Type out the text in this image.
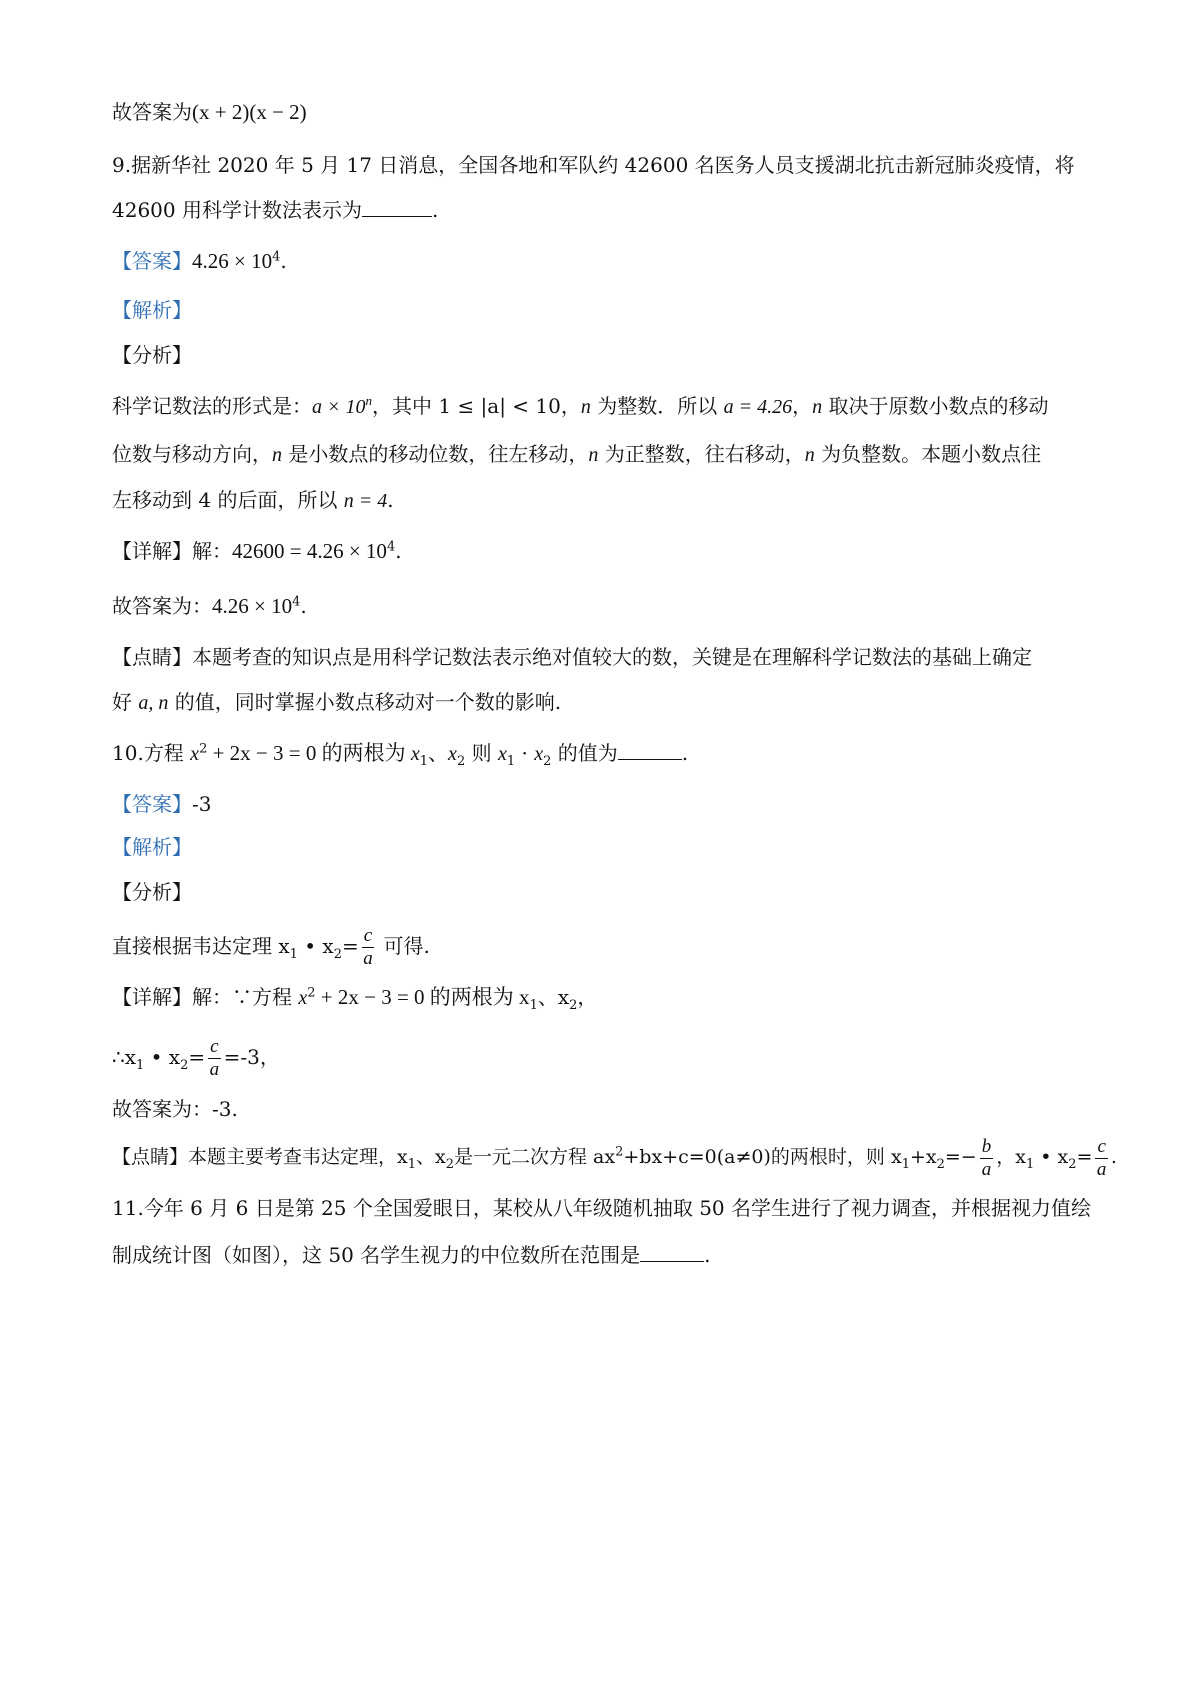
故答案为(x + 2)(x − 2)
9.据新华社 2020 年 5 月 17 日消息，全国各地和军队约 42600 名医务人员支援湖北抗击新冠肺炎疫情，将
42600 用科学计数法表示为	.
【答案】$4.26 \times 10^4$.
【解析】
【分析】
科学记数法的形式是：$a \times 10^n$，其中 1 ≤ |a| < 10，n 为整数．所以 a = 4.26，n 取决于原数小数点的移动
位数与移动方向，n 是小数点的移动位数，往左移动，n 为正整数，往右移动，n 为负整数。本题小数点往
左移动到 4 的后面，所以 n = 4.
【详解】解：$42600 = 4.26 \times 10^4$.
故答案为：$4.26 \times 10^4$.
【点睛】本题考查的知识点是用科学记数法表示绝对值较大的数，关键是在理解科学记数法的基础上确定
好 a, n 的值，同时掌握小数点移动对一个数的影响.
10.方程 $x^2 + 2x - 3 = 0$ 的两根为 $x_1$、$x_2$ 则 $x_1 \cdot x_2$ 的值为	.
【答案】-3
【解析】
【分析】
直接根据韦达定理 $x_1$ • $x_2= \frac{c}{a}$ 可得.
【详解】解：∵方程 $x^2 + 2x - 3 = 0$ 的两根为 $x_1$、$x_2$，
$\therefore x_1$ • $x_2= \frac{c}{a} =-3$，
故答案为：-3.
【点睛】本题主要考查韦达定理，$x_1$、$x_2$是一元二次方程 $ax^2+bx+c=0(a\ne 0)$的两根时，则 $x_1+x_2=- \frac{b}{a}$ ，$x_1$ • $x_2= \frac{c}{a}$ .
11.今年 6 月 6 日是第 25 个全国爱眼日，某校从八年级随机抽取 50 名学生进行了视力调查，并根据视力值绘
制成统计图（如图），这 50 名学生视力的中位数所在范围是	.
